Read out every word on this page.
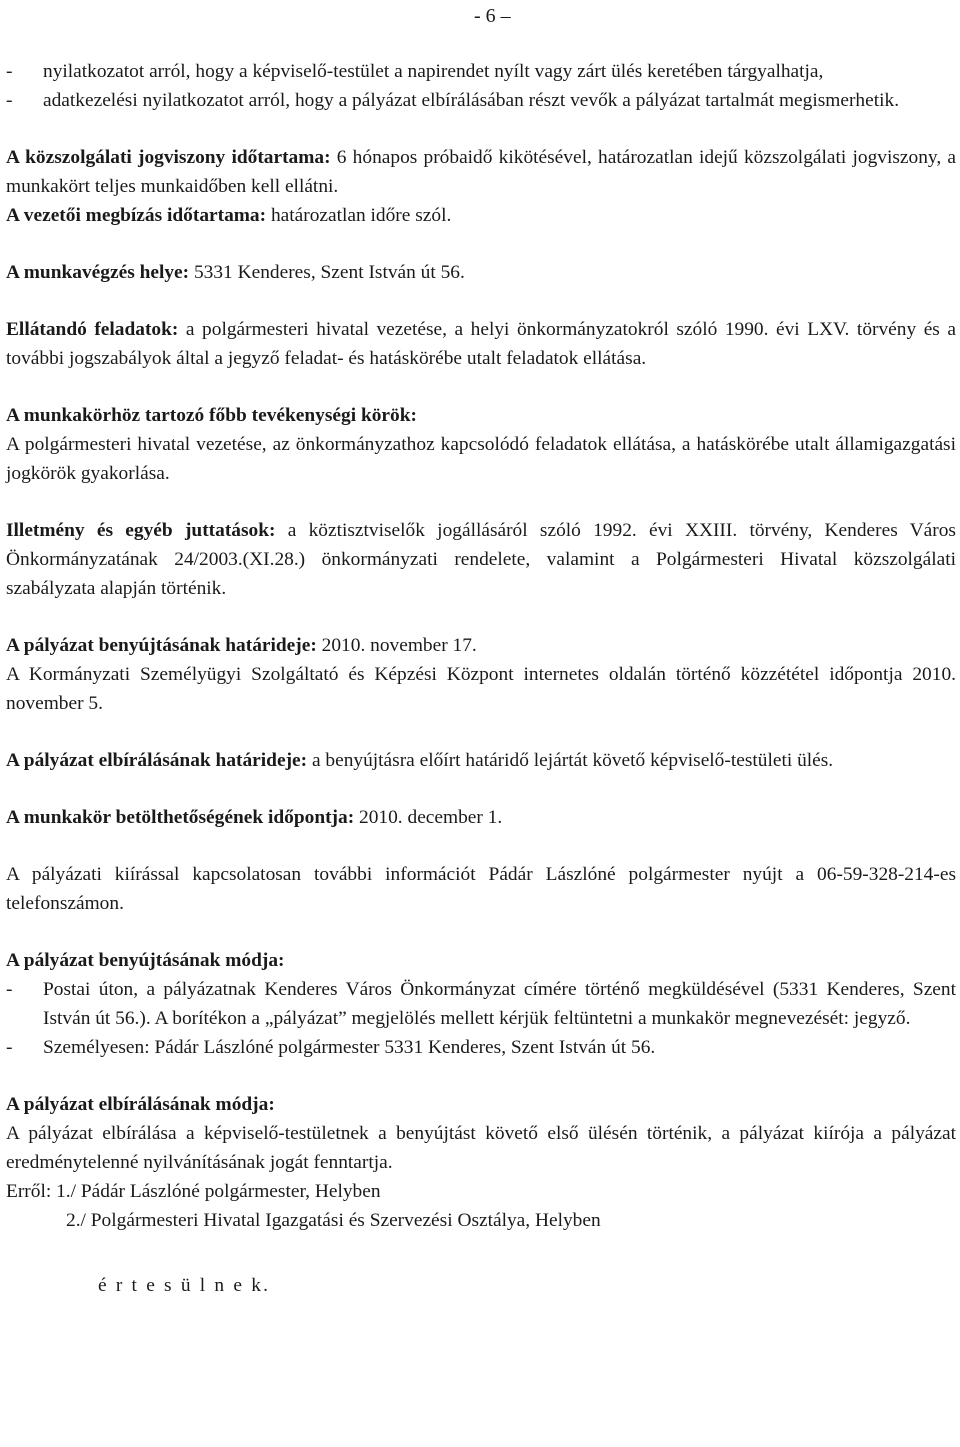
- 6 –
- nyilatkozatot arról, hogy a képviselő-testület a napirendet nyílt vagy zárt ülés keretében tárgyalhatja,
- adatkezelési nyilatkozatot arról, hogy a pályázat elbírálásában részt vevők a pályázat tartalmát megismerhetik.

A közszolgálati jogviszony időtartama: 6 hónapos próbaidő kikötésével, határozatlan idejű közszolgálati jogviszony, a munkakört teljes munkaidőben kell ellátni.

A vezetői megbízás időtartama: határozatlan időre szól.

A munkavégzés helye: 5331 Kenderes, Szent István út 56.

Ellátandó feladatok: a polgármesteri hivatal vezetése, a helyi önkormányzatokról szóló 1990. évi LXV. törvény és a további jogszabályok által a jegyző feladat- és hatáskörébe utalt feladatok ellátása.

A munkakörhöz tartozó főbb tevékenységi körök:

A polgármesteri hivatal vezetése, az önkormányzathoz kapcsolódó feladatok ellátása, a hatáskörébe utalt államigazgatási jogkörök gyakorlása.

Illetmény és egyéb juttatások: a köztisztviselők jogállásáról szóló 1992. évi XXIII. törvény, Kenderes Város Önkormányzatának 24/2003.(XI.28.) önkormányzati rendelete, valamint a Polgármesteri Hivatal közszolgálati szabályzata alapján történik.

A pályázat benyújtásának határideje: 2010. november 17.

A Kormányzati Személyügyi Szolgáltató és Képzési Központ internetes oldalán történő közzététel időpontja 2010. november 5.

A pályázat elbírálásának határideje: a benyújtásra előírt határidő lejártát követő képviselő-testületi ülés.

A munkakör betölthetőségének időpontja: 2010. december 1.

A pályázati kiírással kapcsolatosan további információt Pádár Lászlóné polgármester nyújt a 06-59-328-214-es telefonszámon.

A pályázat benyújtásának módja:

- Postai úton, a pályázatnak Kenderes Város Önkormányzat címére történő megküldésével (5331 Kenderes, Szent István út 56.). A borítékon a „pályázat” megjelölés mellett kérjük feltüntetni a munkakör megnevezését: jegyző.
- Személyesen: Pádár Lászlóné polgármester 5331 Kenderes, Szent István út 56.

A pályázat elbírálásának módja:

A pályázat elbírálása a képviselő-testületnek a benyújtást követő első ülésén történik, a pályázat kiírója a pályázat eredménytelenné nyilvánításának jogát fenntartja.

Erről: 1./ Pádár Lászlóné polgármester, Helyben

2./ Polgármesteri Hivatal Igazgatási és Szervezési Osztálya, Helyben

é r t e s ü l n e k.
